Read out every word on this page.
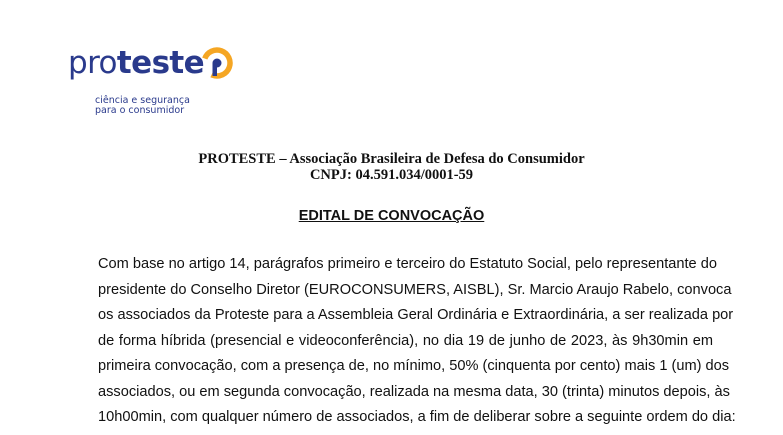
proteste
ciência e segurança
para o consumidor
PROTESTE – Associação Brasileira de Defesa do Consumidor
CNPJ: 04.591.034/0001-59
EDITAL DE CONVOCAÇÃO
Com base no artigo 14, parágrafos primeiro e terceiro do Estatuto Social, pelo representante do
presidente do Conselho Diretor (EUROCONSUMERS, AISBL), Sr. Marcio Araujo Rabelo, convoca
os associados da Proteste para a Assembleia Geral Ordinária e Extraordinária, a ser realizada por
de forma híbrida (presencial e videoconferência), no dia 19 de junho de 2023, às 9h30min em
primeira convocação, com a presença de, no mínimo, 50% (cinquenta por cento) mais 1 (um) dos
associados, ou em segunda convocação, realizada na mesma data, 30 (trinta) minutos depois, às
10h00min, com qualquer número de associados, a fim de deliberar sobre a seguinte ordem do dia:
